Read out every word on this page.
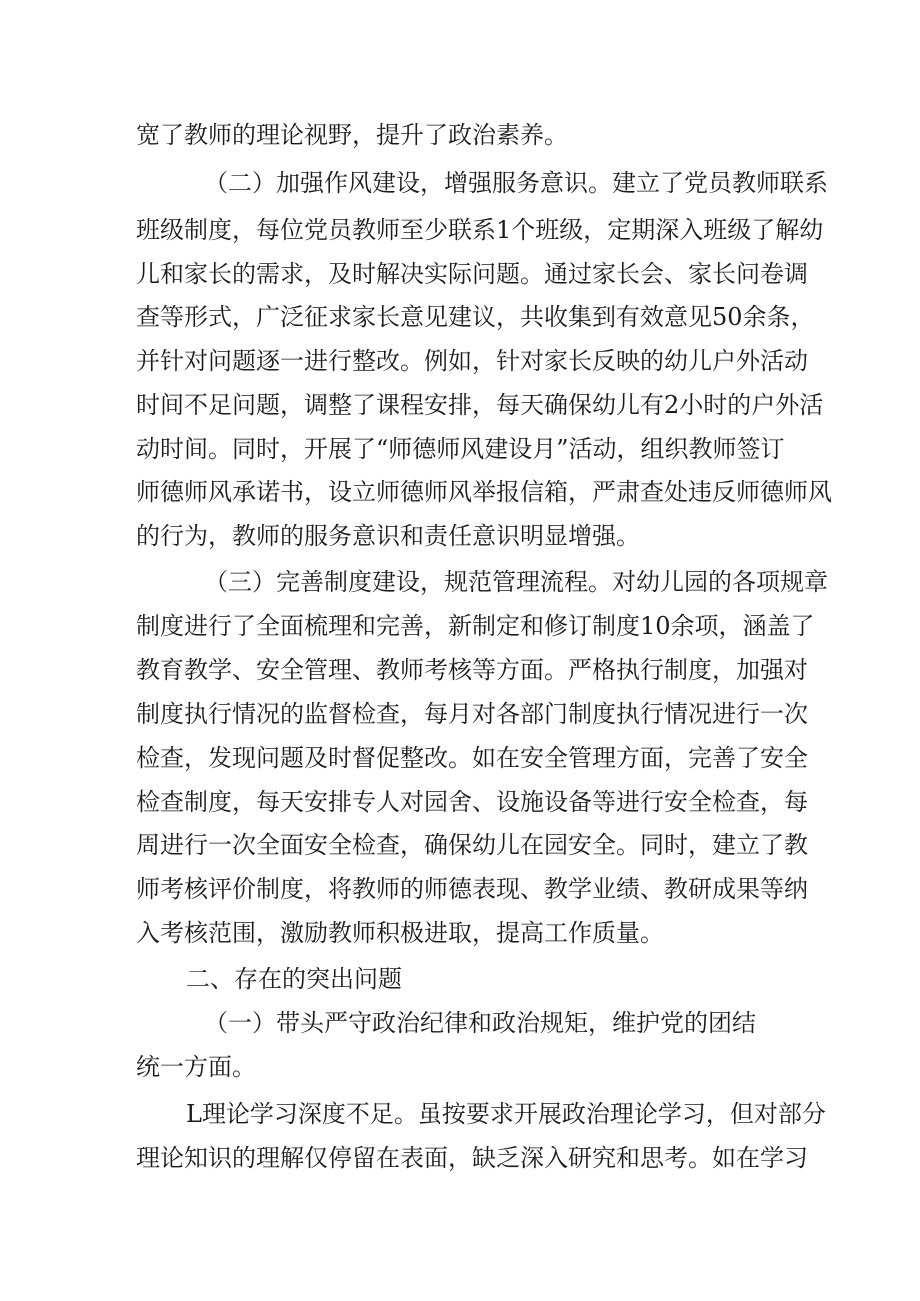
宽了教师的理论视野，提升了政治素养。
（二）加强作风建设，增强服务意识。建立了党员教师联系
班级制度，每位党员教师至少联系1个班级，定期深入班级了解幼
儿和家长的需求，及时解决实际问题。通过家长会、家长问卷调
查等形式，广泛征求家长意见建议，共收集到有效意见50余条，
并针对问题逐一进行整改。例如，针对家长反映的幼儿户外活动
时间不足问题，调整了课程安排，每天确保幼儿有2小时的户外活
动时间。同时，开展了“师德师风建设月”活动，组织教师签订
师德师风承诺书，设立师德师风举报信箱，严肃查处违反师德师风
的行为，教师的服务意识和责任意识明显增强。
（三）完善制度建设，规范管理流程。对幼儿园的各项规章
制度进行了全面梳理和完善，新制定和修订制度10余项，涵盖了
教育教学、安全管理、教师考核等方面。严格执行制度，加强对
制度执行情况的监督检查，每月对各部门制度执行情况进行一次
检查，发现问题及时督促整改。如在安全管理方面，完善了安全
检查制度，每天安排专人对园舍、设施设备等进行安全检查，每
周进行一次全面安全检查，确保幼儿在园安全。同时，建立了教
师考核评价制度，将教师的师德表现、教学业绩、教研成果等纳
入考核范围，激励教师积极进取，提高工作质量。
二、存在的突出问题
（一）带头严守政治纪律和政治规矩，维护党的团结
统一方面。
L理论学习深度不足。虽按要求开展政治理论学习，但对部分
理论知识的理解仅停留在表面，缺乏深入研究和思考。如在学习
